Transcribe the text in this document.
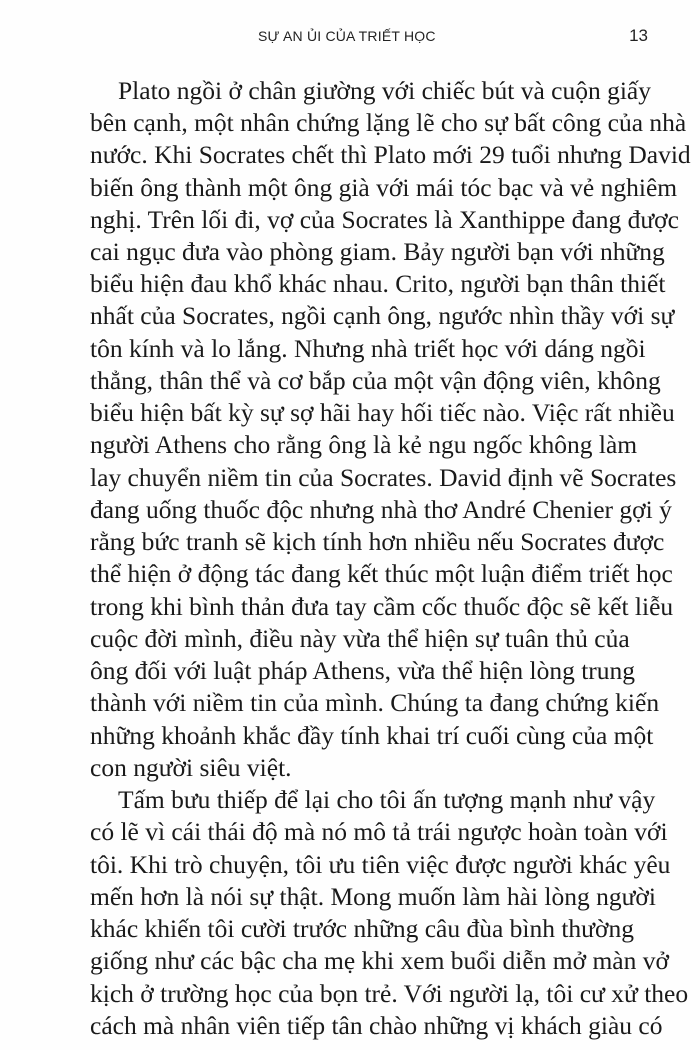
SỰ AN ỦI CỦA TRIẾT HỌC	13
Plato ngồi ở chân giường với chiếc bút và cuộn giấy
bên cạnh, một nhân chứng lặng lẽ cho sự bất công của nhà
nước. Khi Socrates chết thì Plato mới 29 tuổi nhưng David
biến ông thành một ông già với mái tóc bạc và vẻ nghiêm
nghị. Trên lối đi, vợ của Socrates là Xanthippe đang được
cai ngục đưa vào phòng giam. Bảy người bạn với những
biểu hiện đau khổ khác nhau. Crito, người bạn thân thiết
nhất của Socrates, ngồi cạnh ông, ngước nhìn thầy với sự
tôn kính và lo lắng. Nhưng nhà triết học với dáng ngồi
thẳng, thân thể và cơ bắp của một vận động viên, không
biểu hiện bất kỳ sự sợ hãi hay hối tiếc nào. Việc rất nhiều
người Athens cho rằng ông là kẻ ngu ngốc không làm
lay chuyển niềm tin của Socrates. David định vẽ Socrates
đang uống thuốc độc nhưng nhà thơ André Chenier gợi ý
rằng bức tranh sẽ kịch tính hơn nhiều nếu Socrates được
thể hiện ở động tác đang kết thúc một luận điểm triết học
trong khi bình thản đưa tay cầm cốc thuốc độc sẽ kết liễu
cuộc đời mình, điều này vừa thể hiện sự tuân thủ của
ông đối với luật pháp Athens, vừa thể hiện lòng trung
thành với niềm tin của mình. Chúng ta đang chứng kiến
những khoảnh khắc đầy tính khai trí cuối cùng của một
con người siêu việt.
Tấm bưu thiếp để lại cho tôi ấn tượng mạnh như vậy
có lẽ vì cái thái độ mà nó mô tả trái ngược hoàn toàn với
tôi. Khi trò chuyện, tôi ưu tiên việc được người khác yêu
mến hơn là nói sự thật. Mong muốn làm hài lòng người
khác khiến tôi cười trước những câu đùa bình thường
giống như các bậc cha mẹ khi xem buổi diễn mở màn vở
kịch ở trường học của bọn trẻ. Với người lạ, tôi cư xử theo
cách mà nhân viên tiếp tân chào những vị khách giàu có
